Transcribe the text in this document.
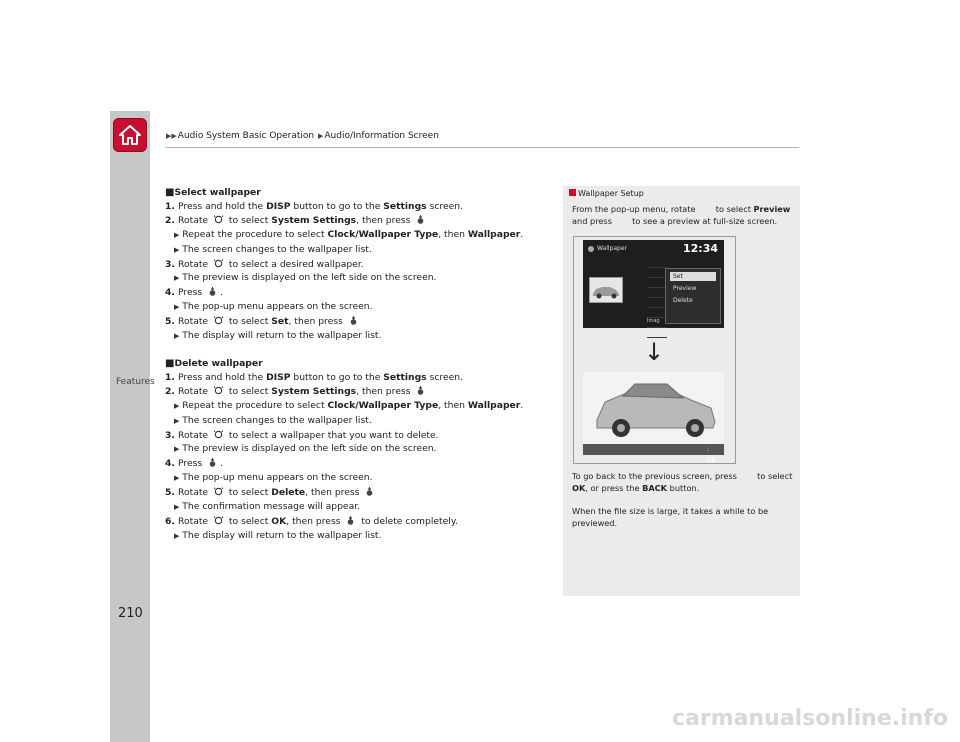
▶▶Audio System Basic Operation ▶Audio/Information Screen
Features
210
■Select wallpaper
1. Press and hold the DISP button to go to the Settings screen.
2. Rotate  to select System Settings, then press
▶ Repeat the procedure to select Clock/Wallpaper Type, then Wallpaper.
▶ The screen changes to the wallpaper list.
3. Rotate  to select a desired wallpaper.
▶ The preview is displayed on the left side on the screen.
4. Press .
▶ The pop-up menu appears on the screen.
5. Rotate  to select Set, then press
▶ The display will return to the wallpaper list.
■Delete wallpaper
1. Press and hold the DISP button to go to the Settings screen.
2. Rotate  to select System Settings, then press
▶ Repeat the procedure to select Clock/Wallpaper Type, then Wallpaper.
▶ The screen changes to the wallpaper list.
3. Rotate  to select a wallpaper that you want to delete.
▶ The preview is displayed on the left side on the screen.
4. Press .
▶ The pop-up menu appears on the screen.
5. Rotate  to select Delete, then press
▶ The confirmation message will appear.
6. Rotate  to select OK, then press  to delete completely.
▶ The display will return to the wallpaper list.
Wallpaper Setup
From the pop-up menu, rotate  to select Preview
and press  to see a preview at full-size screen.
To go back to the previous screen, press  to select
OK, or press the BACK button.
When the file size is large, it takes a while to be previewed.
Wallpaper	12:34
Imag
Set
Preview
Delete
↓
: OK
carmanualsonline.info
